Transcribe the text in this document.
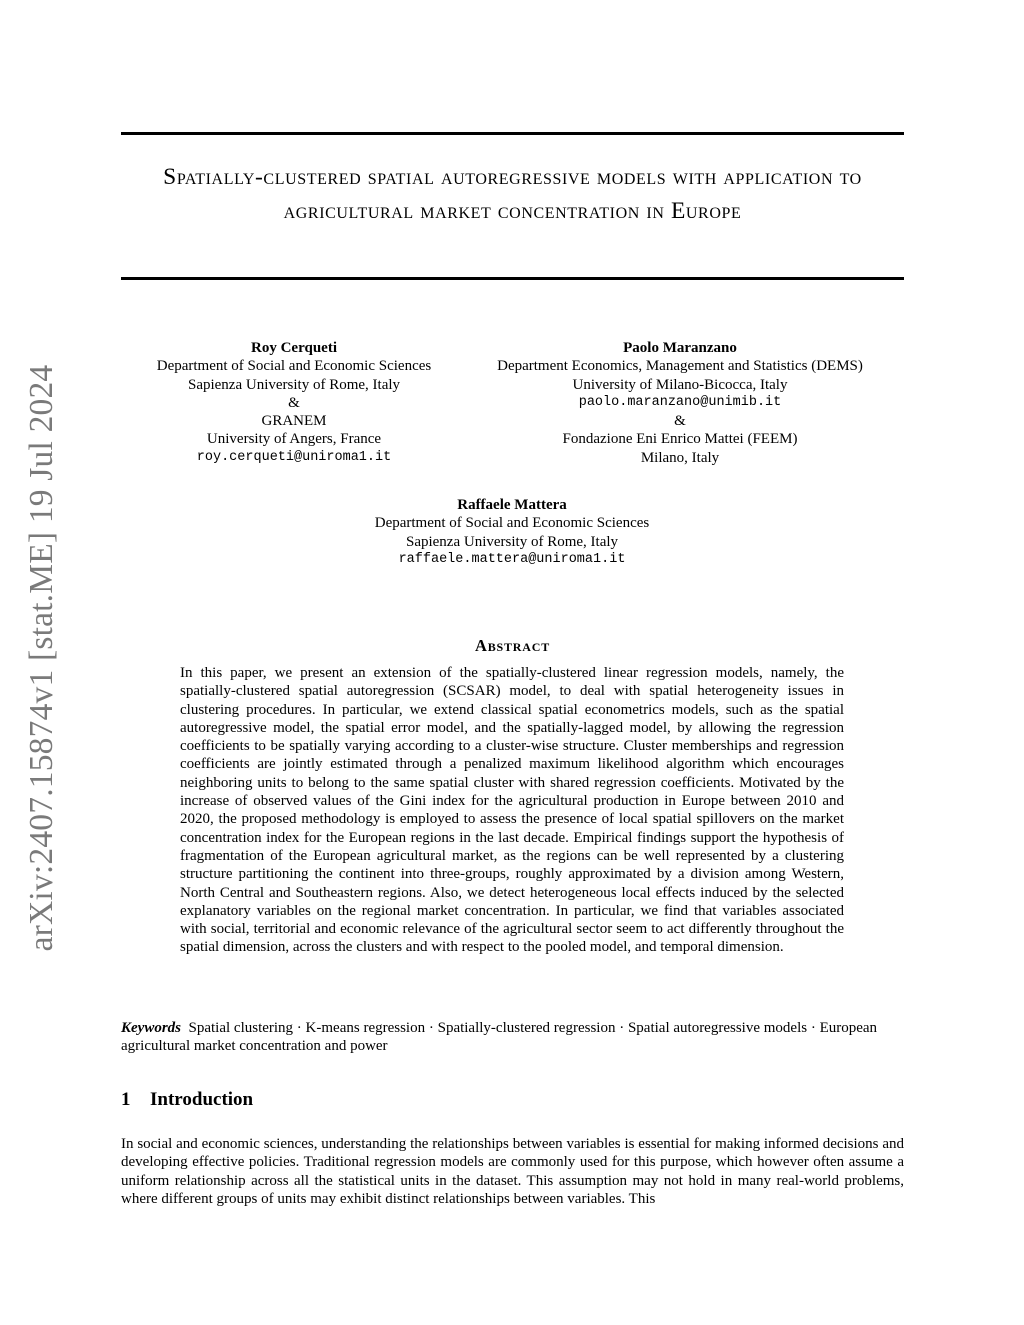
arXiv:2407.15874v1 [stat.ME] 19 Jul 2024
Spatially-clustered spatial autoregressive models with application to agricultural market concentration in Europe
Roy Cerqueti
Department of Social and Economic Sciences
Sapienza University of Rome, Italy
&
GRANEM
University of Angers, France
roy.cerqueti@uniroma1.it
Paolo Maranzano
Department Economics, Management and Statistics (DEMS)
University of Milano-Bicocca, Italy
paolo.maranzano@unimib.it
&
Fondazione Eni Enrico Mattei (FEEM)
Milano, Italy
Raffaele Mattera
Department of Social and Economic Sciences
Sapienza University of Rome, Italy
raffaele.mattera@uniroma1.it
Abstract

In this paper, we present an extension of the spatially-clustered linear regression models, namely, the spatially-clustered spatial autoregression (SCSAR) model, to deal with spatial heterogeneity issues in clustering procedures. In particular, we extend classical spatial econometrics models, such as the spatial autoregressive model, the spatial error model, and the spatially-lagged model, by allowing the regression coefficients to be spatially varying according to a cluster-wise structure. Cluster memberships and regression coefficients are jointly estimated through a penalized maximum likelihood algorithm which encourages neighboring units to belong to the same spatial cluster with shared regression coefficients. Motivated by the increase of observed values of the Gini index for the agricultural production in Europe between 2010 and 2020, the proposed methodology is employed to assess the presence of local spatial spillovers on the market concentration index for the European regions in the last decade. Empirical findings support the hypothesis of fragmentation of the European agricultural market, as the regions can be well represented by a clustering structure partitioning the continent into three-groups, roughly approximated by a division among Western, North Central and Southeastern regions. Also, we detect heterogeneous local effects induced by the selected explanatory variables on the regional market concentration. In particular, we find that variables associated with social, territorial and economic relevance of the agricultural sector seem to act differently throughout the spatial dimension, across the clusters and with respect to the pooled model, and temporal dimension.

Keywords Spatial clustering · K-means regression · Spatially-clustered regression · Spatial autoregressive models · European agricultural market concentration and power
1 Introduction

In social and economic sciences, understanding the relationships between variables is essential for making informed decisions and developing effective policies. Traditional regression models are commonly used for this purpose, which however often assume a uniform relationship across all the statistical units in the dataset. This assumption may not hold in many real-world problems, where different groups of units may exhibit distinct relationships between variables. This
